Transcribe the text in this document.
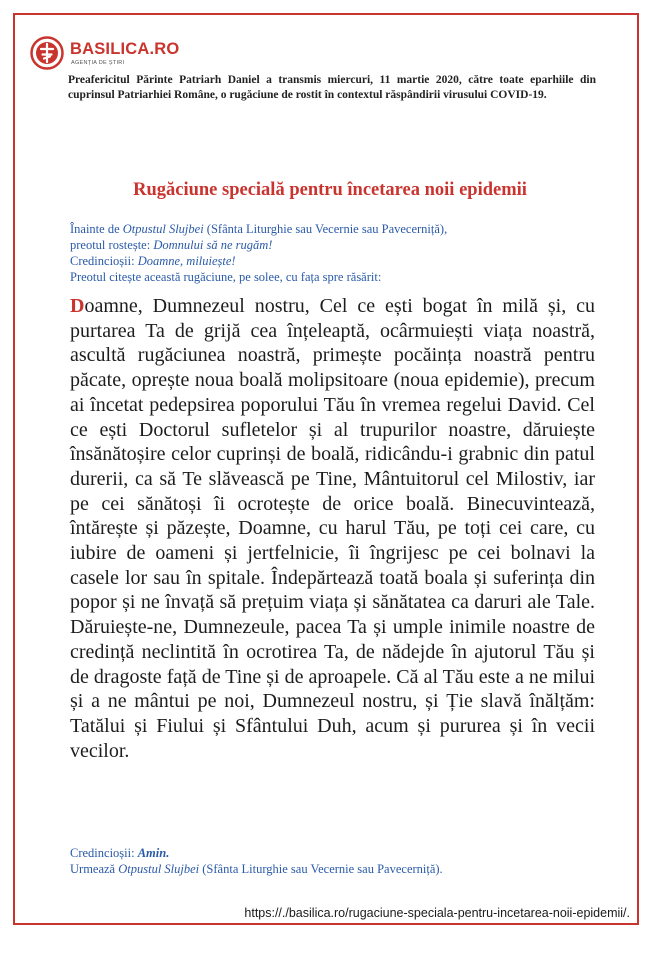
BASILICA.RO
AGENȚIA DE ȘTIRI
Preafericitul Părinte Patriarh Daniel a transmis miercuri, 11 martie 2020, către toate eparhiile din cuprinsul Patriarhiei Române, o rugăciune de rostit în contextul răspândirii virusului COVID-19.
Rugăciune specială pentru încetarea noii epidemii
Înainte de Otpustul Slujbei (Sfânta Liturghie sau Vecernie sau Pavecerniță),
preotul rostește: Domnului să ne rugăm!
Credincioșii: Doamne, miluiește!
Preotul citește această rugăciune, pe solee, cu fața spre răsărit:
Doamne, Dumnezeul nostru, Cel ce ești bogat în milă și, cu purtarea Ta de grijă cea înțeleaptă, ocârmuiești viața noastră, ascultă rugăciunea noastră, primește pocăința noastră pentru păcate, oprește noua boală molipsitoare (noua epidemie), precum ai încetat pedepsirea poporului Tău în vremea regelui David. Cel ce ești Doctorul sufletelor și al trupurilor noastre, dăruiește însănătoșire celor cuprinși de boală, ridicându-i grabnic din patul durerii, ca să Te slăvească pe Tine, Mântuitorul cel Milostiv, iar pe cei sănătoși îi ocrotește de orice boală. Binecuvintează, întărește și păzește, Doamne, cu harul Tău, pe toți cei care, cu iubire de oameni și jertfelnicie, îi îngrijesc pe cei bolnavi la casele lor sau în spitale. Îndepărtează toată boala și suferința din popor și ne învață să prețuim viața și sănătatea ca daruri ale Tale. Dăruiește-ne, Dumnezeule, pacea Ta și umple inimile noastre de credință neclintită în ocrotirea Ta, de nădejde în ajutorul Tău și de dragoste față de Tine și de aproapele. Că al Tău este a ne milui și a ne mântui pe noi, Dumnezeul nostru, și Ție slavă înălțăm: Tatălui și Fiului și Sfântului Duh, acum și pururea și în vecii vecilor.
Credincioșii: Amin.
Urmează Otpustul Slujbei (Sfânta Liturghie sau Vecernie sau Pavecerniță).
https://./basilica.ro/rugaciune-speciala-pentru-incetarea-noii-epidemii/.
